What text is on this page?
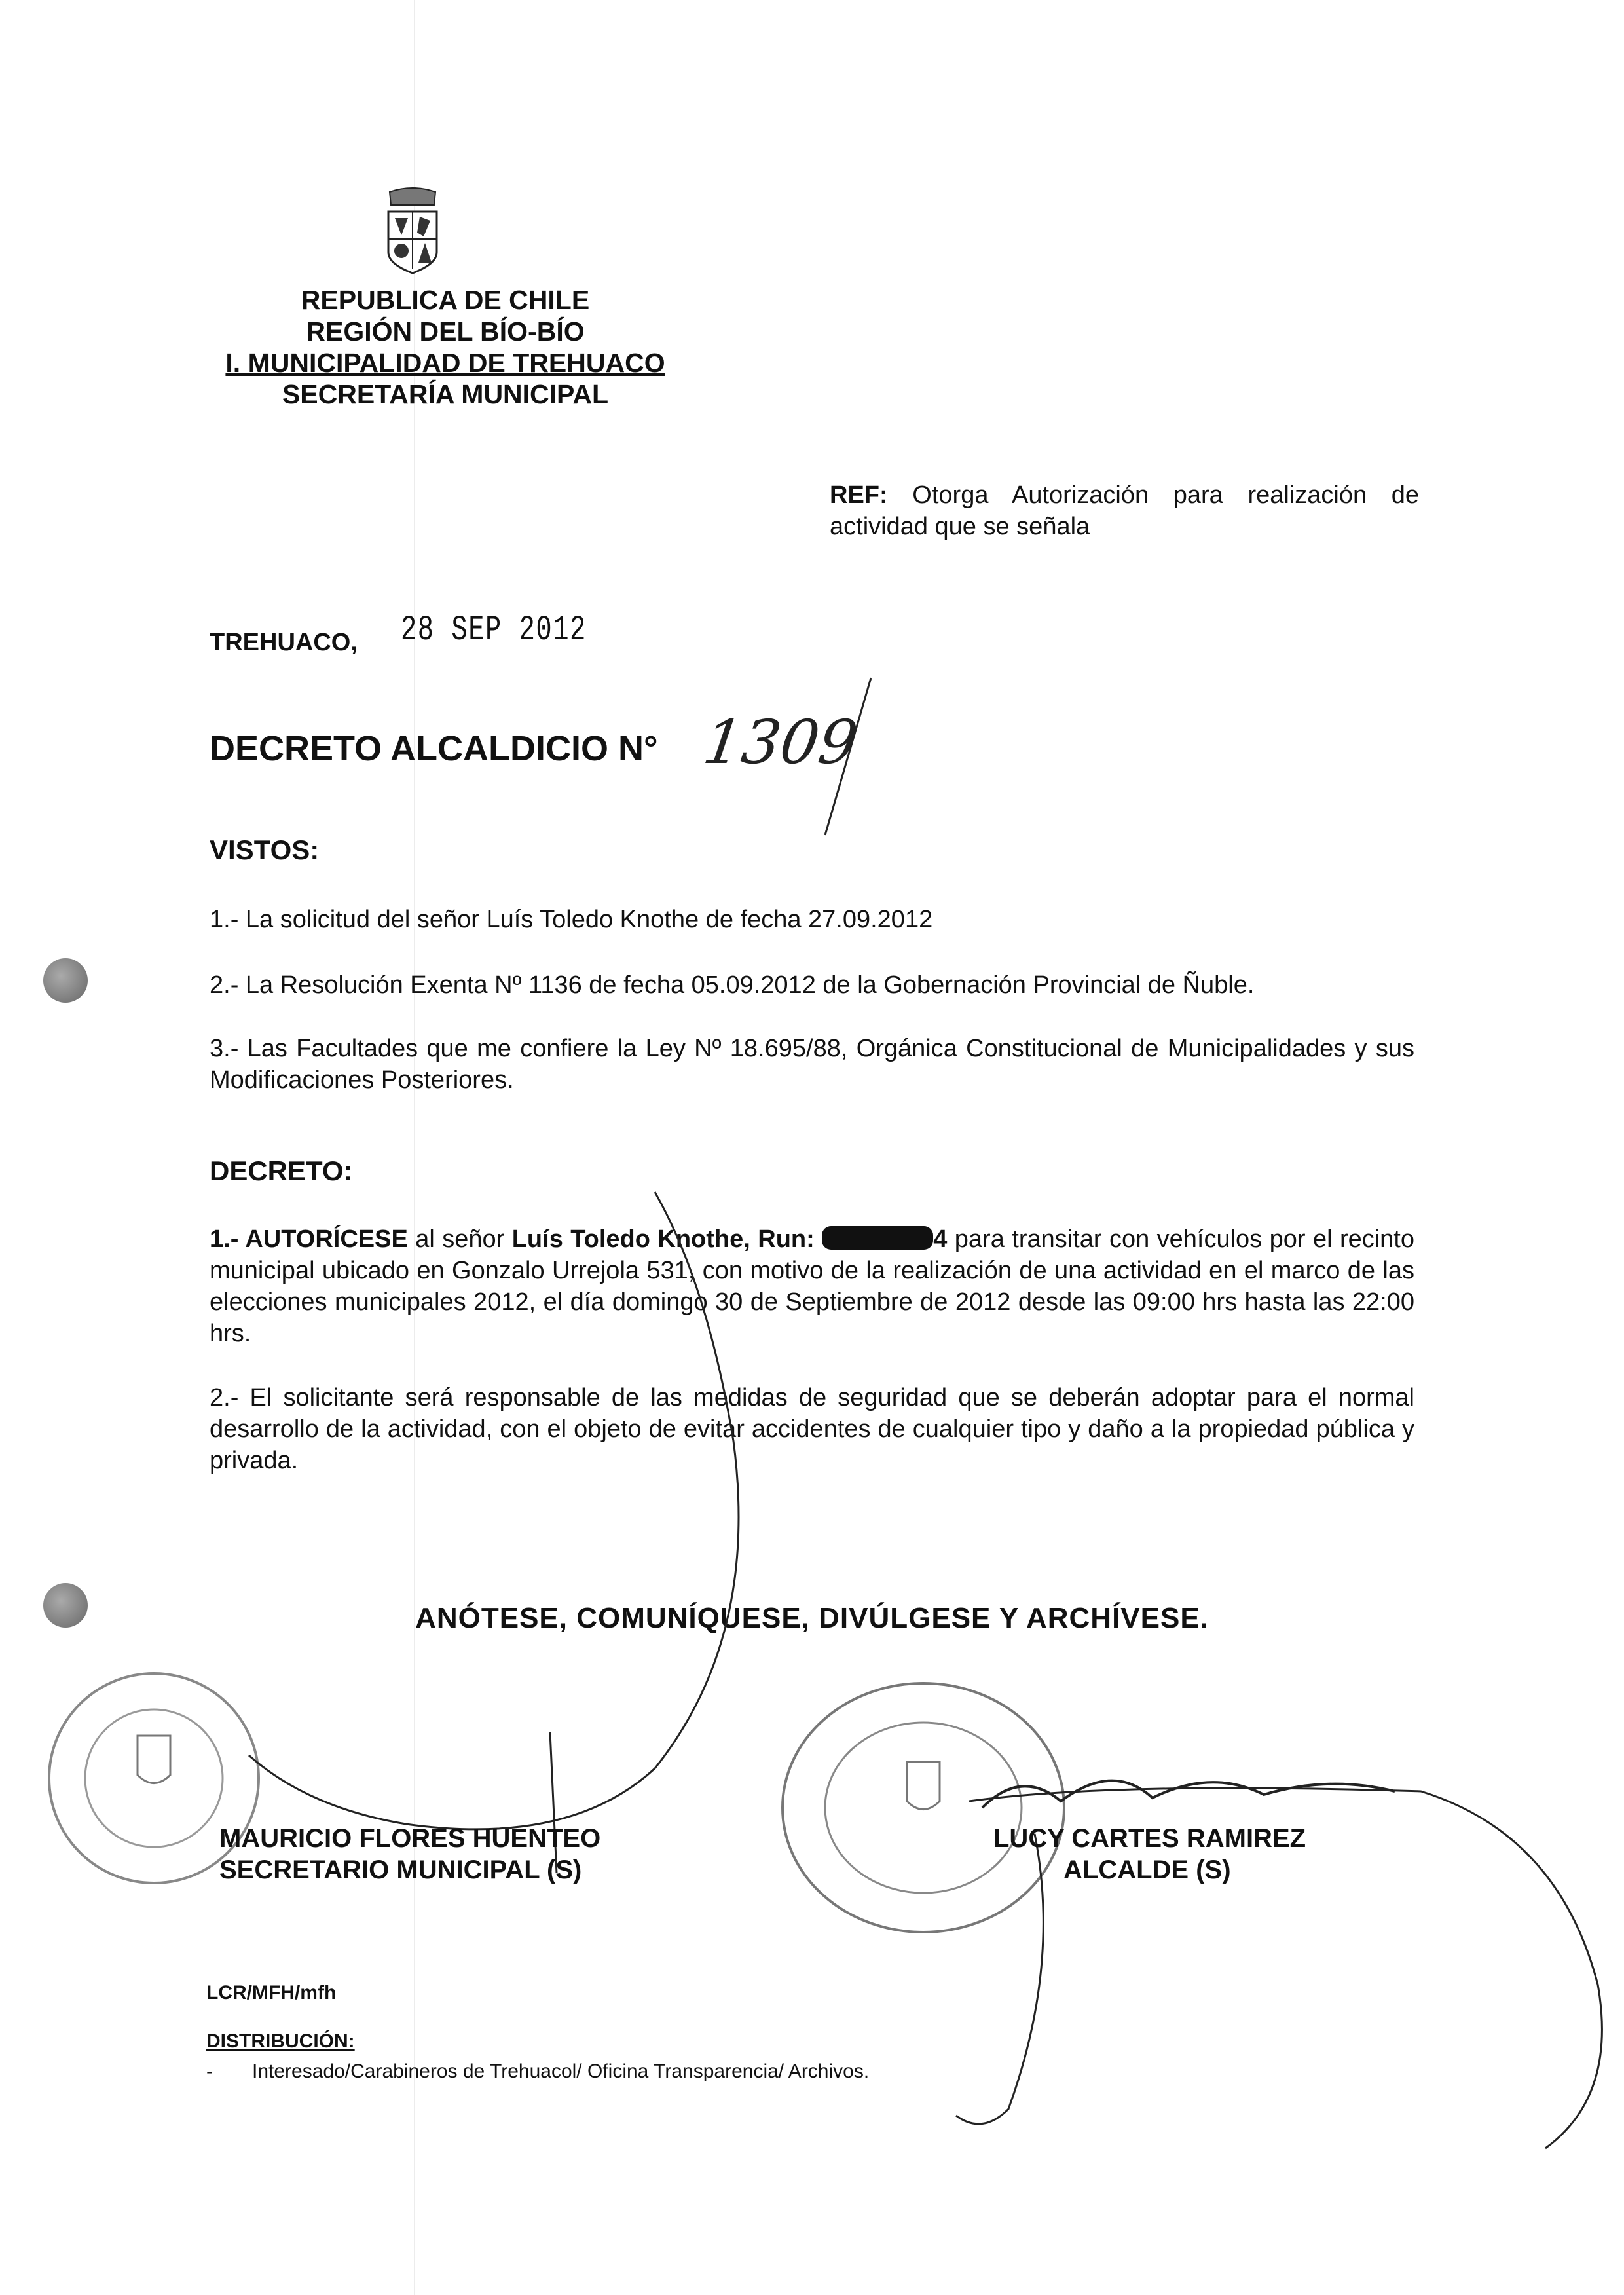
REPUBLICA DE CHILE
REGIÓN DEL BÍO-BÍO
I. MUNICIPALIDAD DE TREHUACO
SECRETARÍA MUNICIPAL
REF: Otorga Autorización para realización de actividad que se señala
TREHUACO, 28 SEP 2012
DECRETO ALCALDICIO N° 1309
VISTOS:
1.- La solicitud del señor Luís Toledo Knothe de fecha 27.09.2012
2.- La Resolución Exenta Nº 1136 de fecha 05.09.2012 de la Gobernación Provincial de Ñuble.
3.- Las Facultades que me confiere la Ley Nº 18.695/88, Orgánica Constitucional de Municipalidades y sus Modificaciones Posteriores.
DECRETO:
1.- AUTORÍCESE al señor Luís Toledo Knothe, Run:	4 para transitar con vehículos por el recinto municipal ubicado en Gonzalo Urrejola 531, con motivo de la realización de una actividad en el marco de las elecciones municipales 2012, el día domingo 30 de Septiembre de 2012 desde las 09:00 hrs hasta las 22:00 hrs.
2.- El solicitante será responsable de las medidas de seguridad que se deberán adoptar para el normal desarrollo de la actividad, con el objeto de evitar accidentes de cualquier tipo y daño a la propiedad pública y privada.
ANÓTESE, COMUNÍQUESE, DIVÚLGESE Y ARCHÍVESE.
MAURICIO FLORES HUENTEO
SECRETARIO MUNICIPAL (S)
LUCY CARTES RAMIREZ
ALCALDE (S)
LCR/MFH/mfh
DISTRIBUCIÓN:
- Interesado/Carabineros de Trehuacol/ Oficina Transparencia/ Archivos.
